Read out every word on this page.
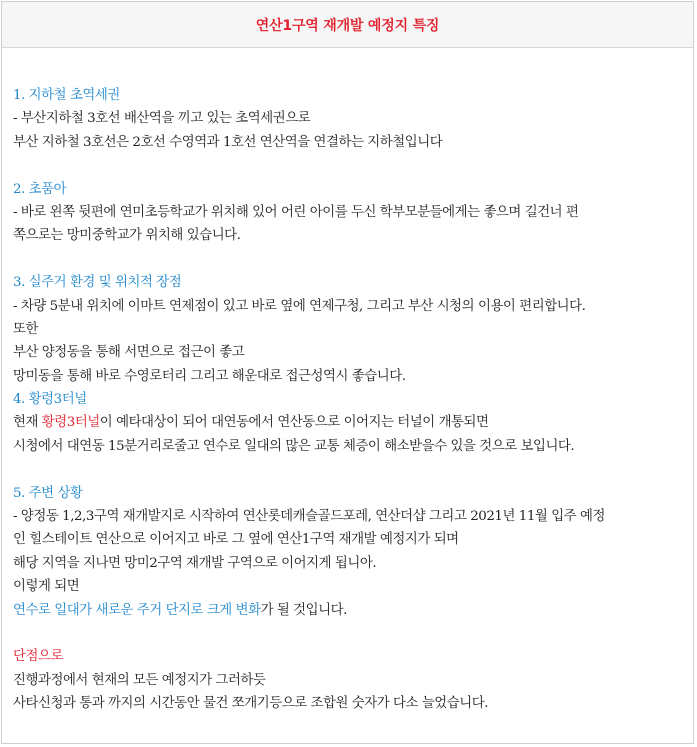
연산1구역 재개발 예정지 특징
1. 지하철 초역세권
- 부산지하철 3호선 배산역을 끼고 있는 초역세권으로
부산 지하철 3호선은 2호선 수영역과 1호선 연산역을 연결하는 지하철입니다
2. 초품아
- 바로 왼쪽 뒷편에 연미초등학교가 위치해 있어 어린 아이를 두신 학부모분들에게는 좋으며 길건너 편
쪽으로는 망미중학교가 위치해 있습니다.
3. 실주거 환경 및 위치적 장점
- 차량 5분내 위치에 이마트 연제점이 있고 바로 옆에 연제구청, 그리고 부산 시청의 이용이 편리합니다.
또한
부산 양정동을 통해 서면으로 접근이 좋고
망미동을 통해 바로 수영로터리 그리고 해운대로 접근성역시 좋습니다.
4. 황령3터널
현재 황령3터널이 예타대상이 되어 대연동에서 연산동으로 이어지는 터널이 개통되면
시청에서 대연동 15분거리로줄고 연수로 일대의 많은 교통 체증이 해소받을수 있을 것으로 보입니다.
5. 주변 상황
- 양정동 1,2,3구역 재개발지로 시작하여 연산롯데캐슬골드포레, 연산더샵 그리고 2021년 11월 입주 예정
인 힐스테이트 연산으로 이어지고 바로 그 옆에 연산1구역 재개발 예정지가 되며
해당 지역을 지나면 망미2구역 재개발 구역으로 이어지게 됩니아.
이렇게 되면
연수로 일대가 새로운 주거 단지로 크게 변화가 될 것입니다.
단점으로
진행과정에서 현재의 모든 예정지가 그러하듯
사타신청과 통과 까지의 시간동안 물건 쪼개기등으로 조합원 숫자가 다소 늘었습니다.
